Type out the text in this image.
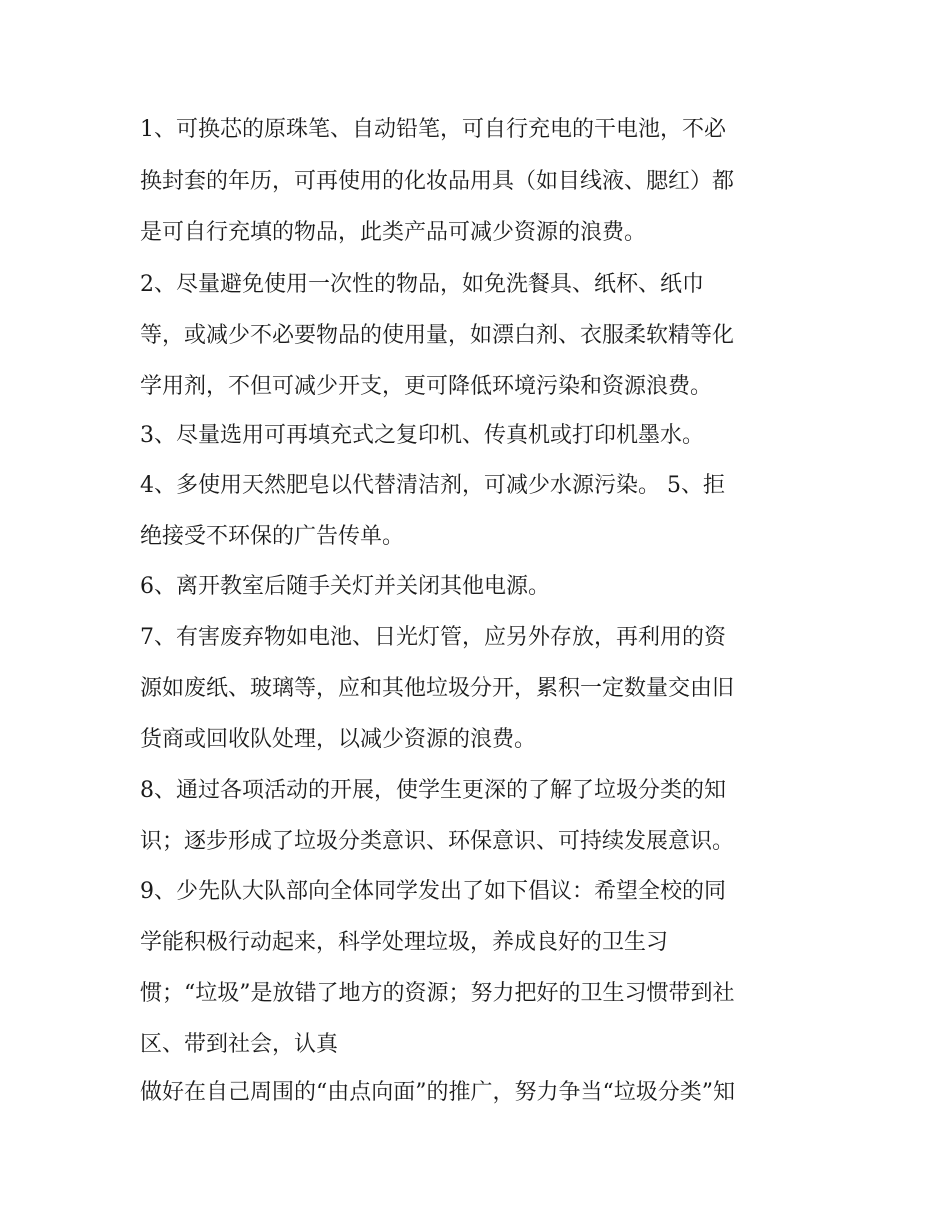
1、可换芯的原珠笔、自动铅笔，可自行充电的干电池，不必
换封套的年历，可再使用的化妆品用具（如目线液、腮红）都
是可自行充填的物品，此类产品可减少资源的浪费。
2、尽量避免使用一次性的物品，如免洗餐具、纸杯、纸巾
等，或减少不必要物品的使用量，如漂白剂、衣服柔软精等化
学用剂，不但可减少开支，更可降低环境污染和资源浪费。
3、尽量选用可再填充式之复印机、传真机或打印机墨水。
4、多使用天然肥皂以代替清洁剂，可减少水源污染。 5、拒
绝接受不环保的广告传单。
6、离开教室后随手关灯并关闭其他电源。
7、有害废弃物如电池、日光灯管，应另外存放，再利用的资
源如废纸、玻璃等，应和其他垃圾分开，累积一定数量交由旧
货商或回收队处理，以减少资源的浪费。
8、通过各项活动的开展，使学生更深的了解了垃圾分类的知
识；逐步形成了垃圾分类意识、环保意识、可持续发展意识。
9、少先队大队部向全体同学发出了如下倡议：希望全校的同
学能积极行动起来，科学处理垃圾，养成良好的卫生习
惯；“垃圾”是放错了地方的资源；努力把好的卫生习惯带到社
区、带到社会，认真
做好在自己周围的“由点向面”的推广，努力争当“垃圾分类”知
